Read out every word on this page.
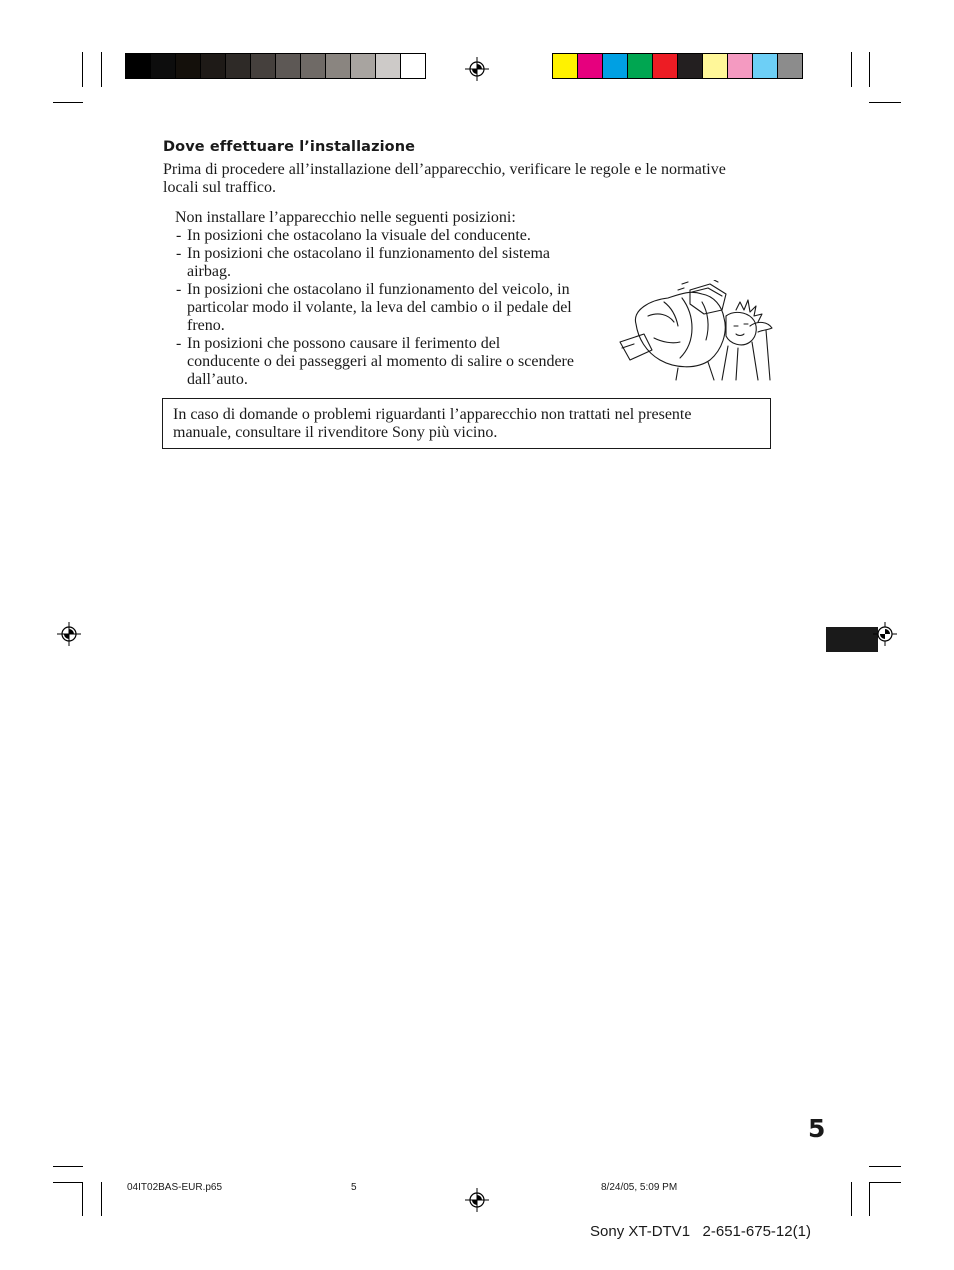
Dove effettuare l’installazione
Prima di procedere all’installazione dell’apparecchio, verificare le regole e le normative locali sul traffico.
Non installare l’apparecchio nelle seguenti posizioni:
- In posizioni che ostacolano la visuale del conducente.
- In posizioni che ostacolano il funzionamento del sistema
airbag.
- In posizioni che ostacolano il funzionamento del veicolo, in
particolar modo il volante, la leva del cambio o il pedale del
freno.
- In posizioni che possono causare il ferimento del
conducente o dei passeggeri al momento di salire o scendere
dall’auto.
In caso di domande o problemi riguardanti l’apparecchio non trattati nel presente
manuale, consultare il rivenditore Sony più vicino.
5
04IT02BAS-EUR.p65	5	8/24/05, 5:09 PM
Sony XT-DTV1   2-651-675-12(1)
